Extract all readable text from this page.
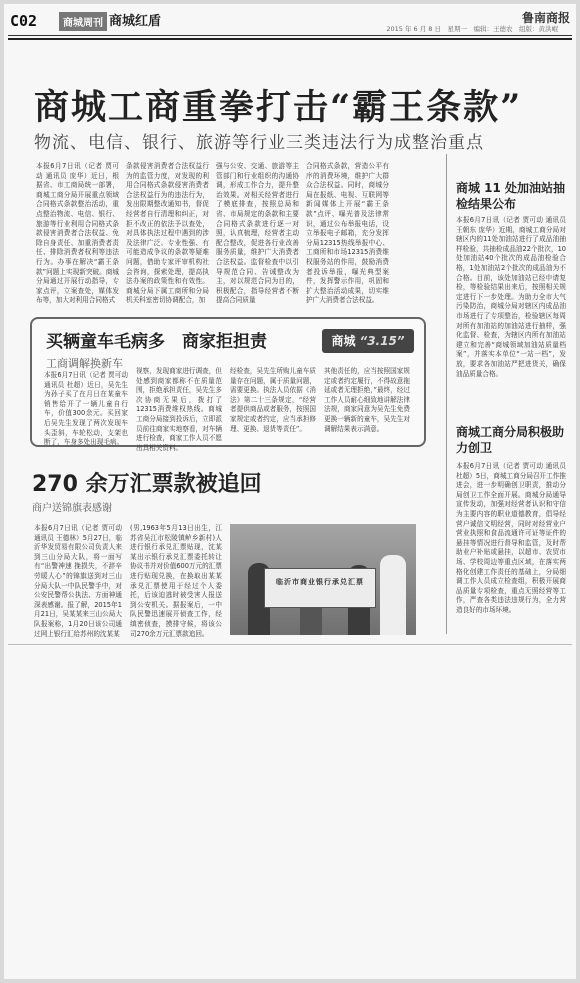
C02	商城周刊 商城红盾	鲁南商报
2015 年 6 月 8 日　星期一　编辑：王德农　组版：黄洪岷
商城工商重拳打击“霸王条款”
物流、电信、银行、旅游等行业三类违法行为成整治重点
本报6月7日讯（记者 贾可动 通讯员 庞华）近日，根据省、市工商局统一部署，商城工商分局开展重点领域合同格式条款整治活动，重点整治物流、电信、银行、旅游等行业利用合同格式条款侵害消费者合法权益、免除自身责任、加重消费者责任、排除消费者权利等违法行为。办事在解决“霸王条款”问题上实现新突破。商城分局通过开展行动指导，专家点评，立案查处，媒体发布等，加大对利用合同格式
条款侵害消费者合法权益行为的监管力度，对发现的利用合同格式条款侵害消费者合法权益行为的违法行为，发出限期整改通知书，督促经营者自行清理和纠正，对拒不改正的依法予以查处，对具体执法过程中遇到的涉及法律广泛、专业性强、有可能造成争议的条款等疑难问题，借助专家评审机构社会咨询，探索处理，提高执法办案的政策性和有效性。商城分局下属工商所和分局机关科室密切协调配合，加
强与公安、交通、旅游等主管部门和行业组织的沟通协调，形成工作合力，提升整治效果。对相关经营者进行了模底排查，按照总局和省、市局规定的条款和主要合同格式条款进行逐一对照，认真梳理，经营者主动配合整改，促进各行业改善服务质量，维护广大消费者合法权益。监督检查中以引导规范合同、告诫整改为主，对以规范合同为目的，积极配合，指导经营者不断提高合同质量
合同格式条款，营造公平有序的消费环境，维护广大群众合法权益。同时，商城分局在报纸、电视、互联网等新闻媒体上开展“霸王条款”点评、曝光普及法律常识，通过公布举报电话，设立举报电子邮箱，充分发挥分局12315热线举报中心、工商所和市场12315消费维权服务站的作用，鼓励消费者投诉举报，曝光典型案件，发挥警示作用，巩固和扩大整治活动成果，切实维护广大消费者合法权益。
商城 11 处加油站抽检结果公布
本报6月7日讯（记者 贾可动 通讯员 王朝东 庞华）近期，商城工商分局对辖区内的11处加油站进行了成品油抽样检验，共抽检成品油22个批次，10处加油站40个批次的成品油检验合格，1处加油站2个批次的成品油为不合格。目前，该处加油站已经申请复检，等检验结果出来后，按照相关规定进行下一步处理。为助力全市大气污染防治，商城分局对辖区内成品油市场进行了专项整治，检验辖区每周对所有加油站的加油站进行抽样，强化监督、检查，为辖区内所有加油站建立和完善“商城领域加油站质量档案”，并落实本单位“一站一档”，发放，要求各加油站严把进货关，确保油品质量合格。
商城工商分局积极助力创卫
本报6月7日讯（记者 贾可动 通讯员 杜超）5日，商城工商分局召开工作推进会，进一步明确创卫职责，推动分局创卫工作全面开展。商城分局通导宣传发动，加强对经营者认识和守信为主要内容的职业道德教育，倡导经营户诚信文明经营，同时对经营业户营业执照和食品流通许可证等证件的悬挂等情况进行督导和监管，及时帮助业户补贴或悬挂，以超市、农贸市场、学校周边等重点区域，在落实两格化创建工作责任的基础上，分局细调工作人员成立检查组，积极开展商品质量专项检查，重点无照经营等工作，严查各类违法违规行为，全力营造良好的市场环境。
买辆童车毛病多　商家拒担责
工商调解换新车
商城 “3.15”
本报6月7日讯（记者 贾可动 通讯员 杜超）近日，吴先生为孙子买了在月日在某童车销售给开了一辆儿童自行车，价值300余元。买回家后吴先生发现了两次发现车头歪斜，车轮松动，支架也断了，车身多处出现毛病。
视察，发现商家进行调查，但处感到商家都称不在质量范围，拒绝承担责任，吴先生多次协商无果后，拨打了12315消费维权热线。商城工商分局接到投诉后，立即派员前往商家实地察看，对车辆进行检查，商家工作人员不愿出具相关资料。
经检查，吴先生所购儿童车质量存在问题，属于质量问题，需要更换。执法人员依据《消法》第二十三条规定，“经营者提供商品或者服务，按照国家规定或者约定，应当承担修理、更换、退货等责任”。
其他责任的，应当按照国家规定或者约定履行，不得故意拖延或者无理拒绝，”最终，经过工作人员耐心细致地讲解法律法规，商家同意为吴先生免费更换一辆新的童车，吴先生对调解结果表示满意。
270 余万汇票款被追回
商户送锦旗表感谢
本报6月7日讯（记者 贾可动 通讯员 王德林）5月27日，临沂华发贸易有限公司负责人来到三山分局大队，将一面写有“出警神速 挽损失，不辞辛劳暖人心”的锦旗送到对三山分局大队一中队民警手中，对公安民警帮公执法、方面神通深表感谢。报了解，2015年1月21日，吴某某来三山公局大队报案称，1月20日该公司通过网上银行汇给苏州的沈某某
(男,1963年5月13日出生，江苏省吴江市松陵镇鲈乡新村)人进行银行承兑汇票贴现，沈某某出示银行承兑汇票委托转让协议书并对价值600万元的汇票进行贴现兑换，在换取出某某承兑汇票使用于经过个人委托，后该迫逃时被受害人报送到公安机关。据报案后，一中队民警迅速展开侦查工作，经缜密侦查，摸排守候，将该公司270余万元汇票款追回。
临沂市商业银行承兑汇票
